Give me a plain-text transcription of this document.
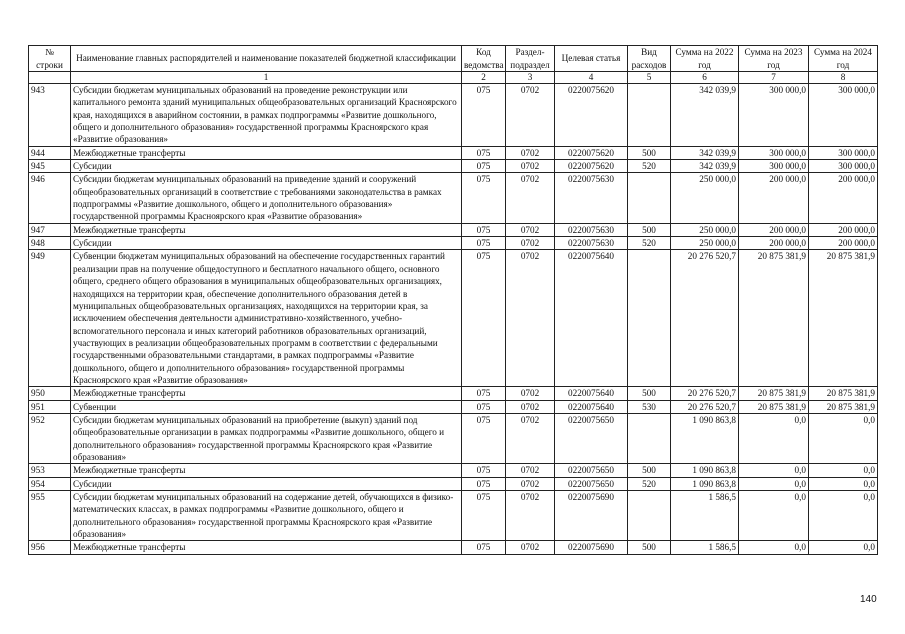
№ строки	Наименование главных распорядителей и наименование показателей бюджетной классификации	Код ведомства	Раздел- подраздел	Целевая статья	Вид расходов	Сумма на 2022 год	Сумма на 2023 год	Сумма на 2024 год
	1	2	3	4	5	6	7	8
943	Субсидии бюджетам муниципальных образований на проведение реконструкции или капитального ремонта зданий муниципальных общеобразовательных организаций Красноярского края, находящихся в аварийном состоянии, в рамках подпрограммы «Развитие дошкольного, общего и дополнительного образования» государственной программы Красноярского края «Развитие образования»	075	0702	0220075620		342 039,9	300 000,0	300 000,0
944	Межбюджетные трансферты	075	0702	0220075620	500	342 039,9	300 000,0	300 000,0
945	Субсидии	075	0702	0220075620	520	342 039,9	300 000,0	300 000,0
946	Субсидии бюджетам муниципальных образований на приведение зданий и сооружений общеобразовательных организаций в соответствие с требованиями законодательства в рамках подпрограммы «Развитие дошкольного, общего и дополнительного образования» государственной программы Красноярского края «Развитие образования»	075	0702	0220075630		250 000,0	200 000,0	200 000,0
947	Межбюджетные трансферты	075	0702	0220075630	500	250 000,0	200 000,0	200 000,0
948	Субсидии	075	0702	0220075630	520	250 000,0	200 000,0	200 000,0
949	Субвенции бюджетам муниципальных образований на обеспечение государственных гарантий реализации прав на получение общедоступного и бесплатного начального общего, основного общего, среднего общего образования в муниципальных общеобразовательных организациях, находящихся на территории края, обеспечение дополнительного образования детей в муниципальных общеобразовательных организациях, находящихся на территории края, за исключением обеспечения деятельности административно-хозяйственного, учебно-вспомогательного персонала и иных категорий работников образовательных организаций, участвующих в реализации общеобразовательных программ в соответствии с федеральными государственными образовательными стандартами, в рамках подпрограммы «Развитие дошкольного, общего и дополнительного образования» государственной программы Красноярского края «Развитие образования»	075	0702	0220075640		20 276 520,7	20 875 381,9	20 875 381,9
950	Межбюджетные трансферты	075	0702	0220075640	500	20 276 520,7	20 875 381,9	20 875 381,9
951	Субвенции	075	0702	0220075640	530	20 276 520,7	20 875 381,9	20 875 381,9
952	Субсидии бюджетам муниципальных образований на приобретение (выкуп) зданий под общеобразовательные организации в рамках подпрограммы «Развитие дошкольного, общего и дополнительного образования» государственной программы Красноярского края «Развитие образования»	075	0702	0220075650		1 090 863,8	0,0	0,0
953	Межбюджетные трансферты	075	0702	0220075650	500	1 090 863,8	0,0	0,0
954	Субсидии	075	0702	0220075650	520	1 090 863,8	0,0	0,0
955	Субсидии бюджетам муниципальных образований на содержание детей, обучающихся в физико-математических классах, в рамках подпрограммы «Развитие дошкольного, общего и дополнительного образования» государственной программы Красноярского края «Развитие образования»	075	0702	0220075690		1 586,5	0,0	0,0
956	Межбюджетные трансферты	075	0702	0220075690	500	1 586,5	0,0	0,0
140
